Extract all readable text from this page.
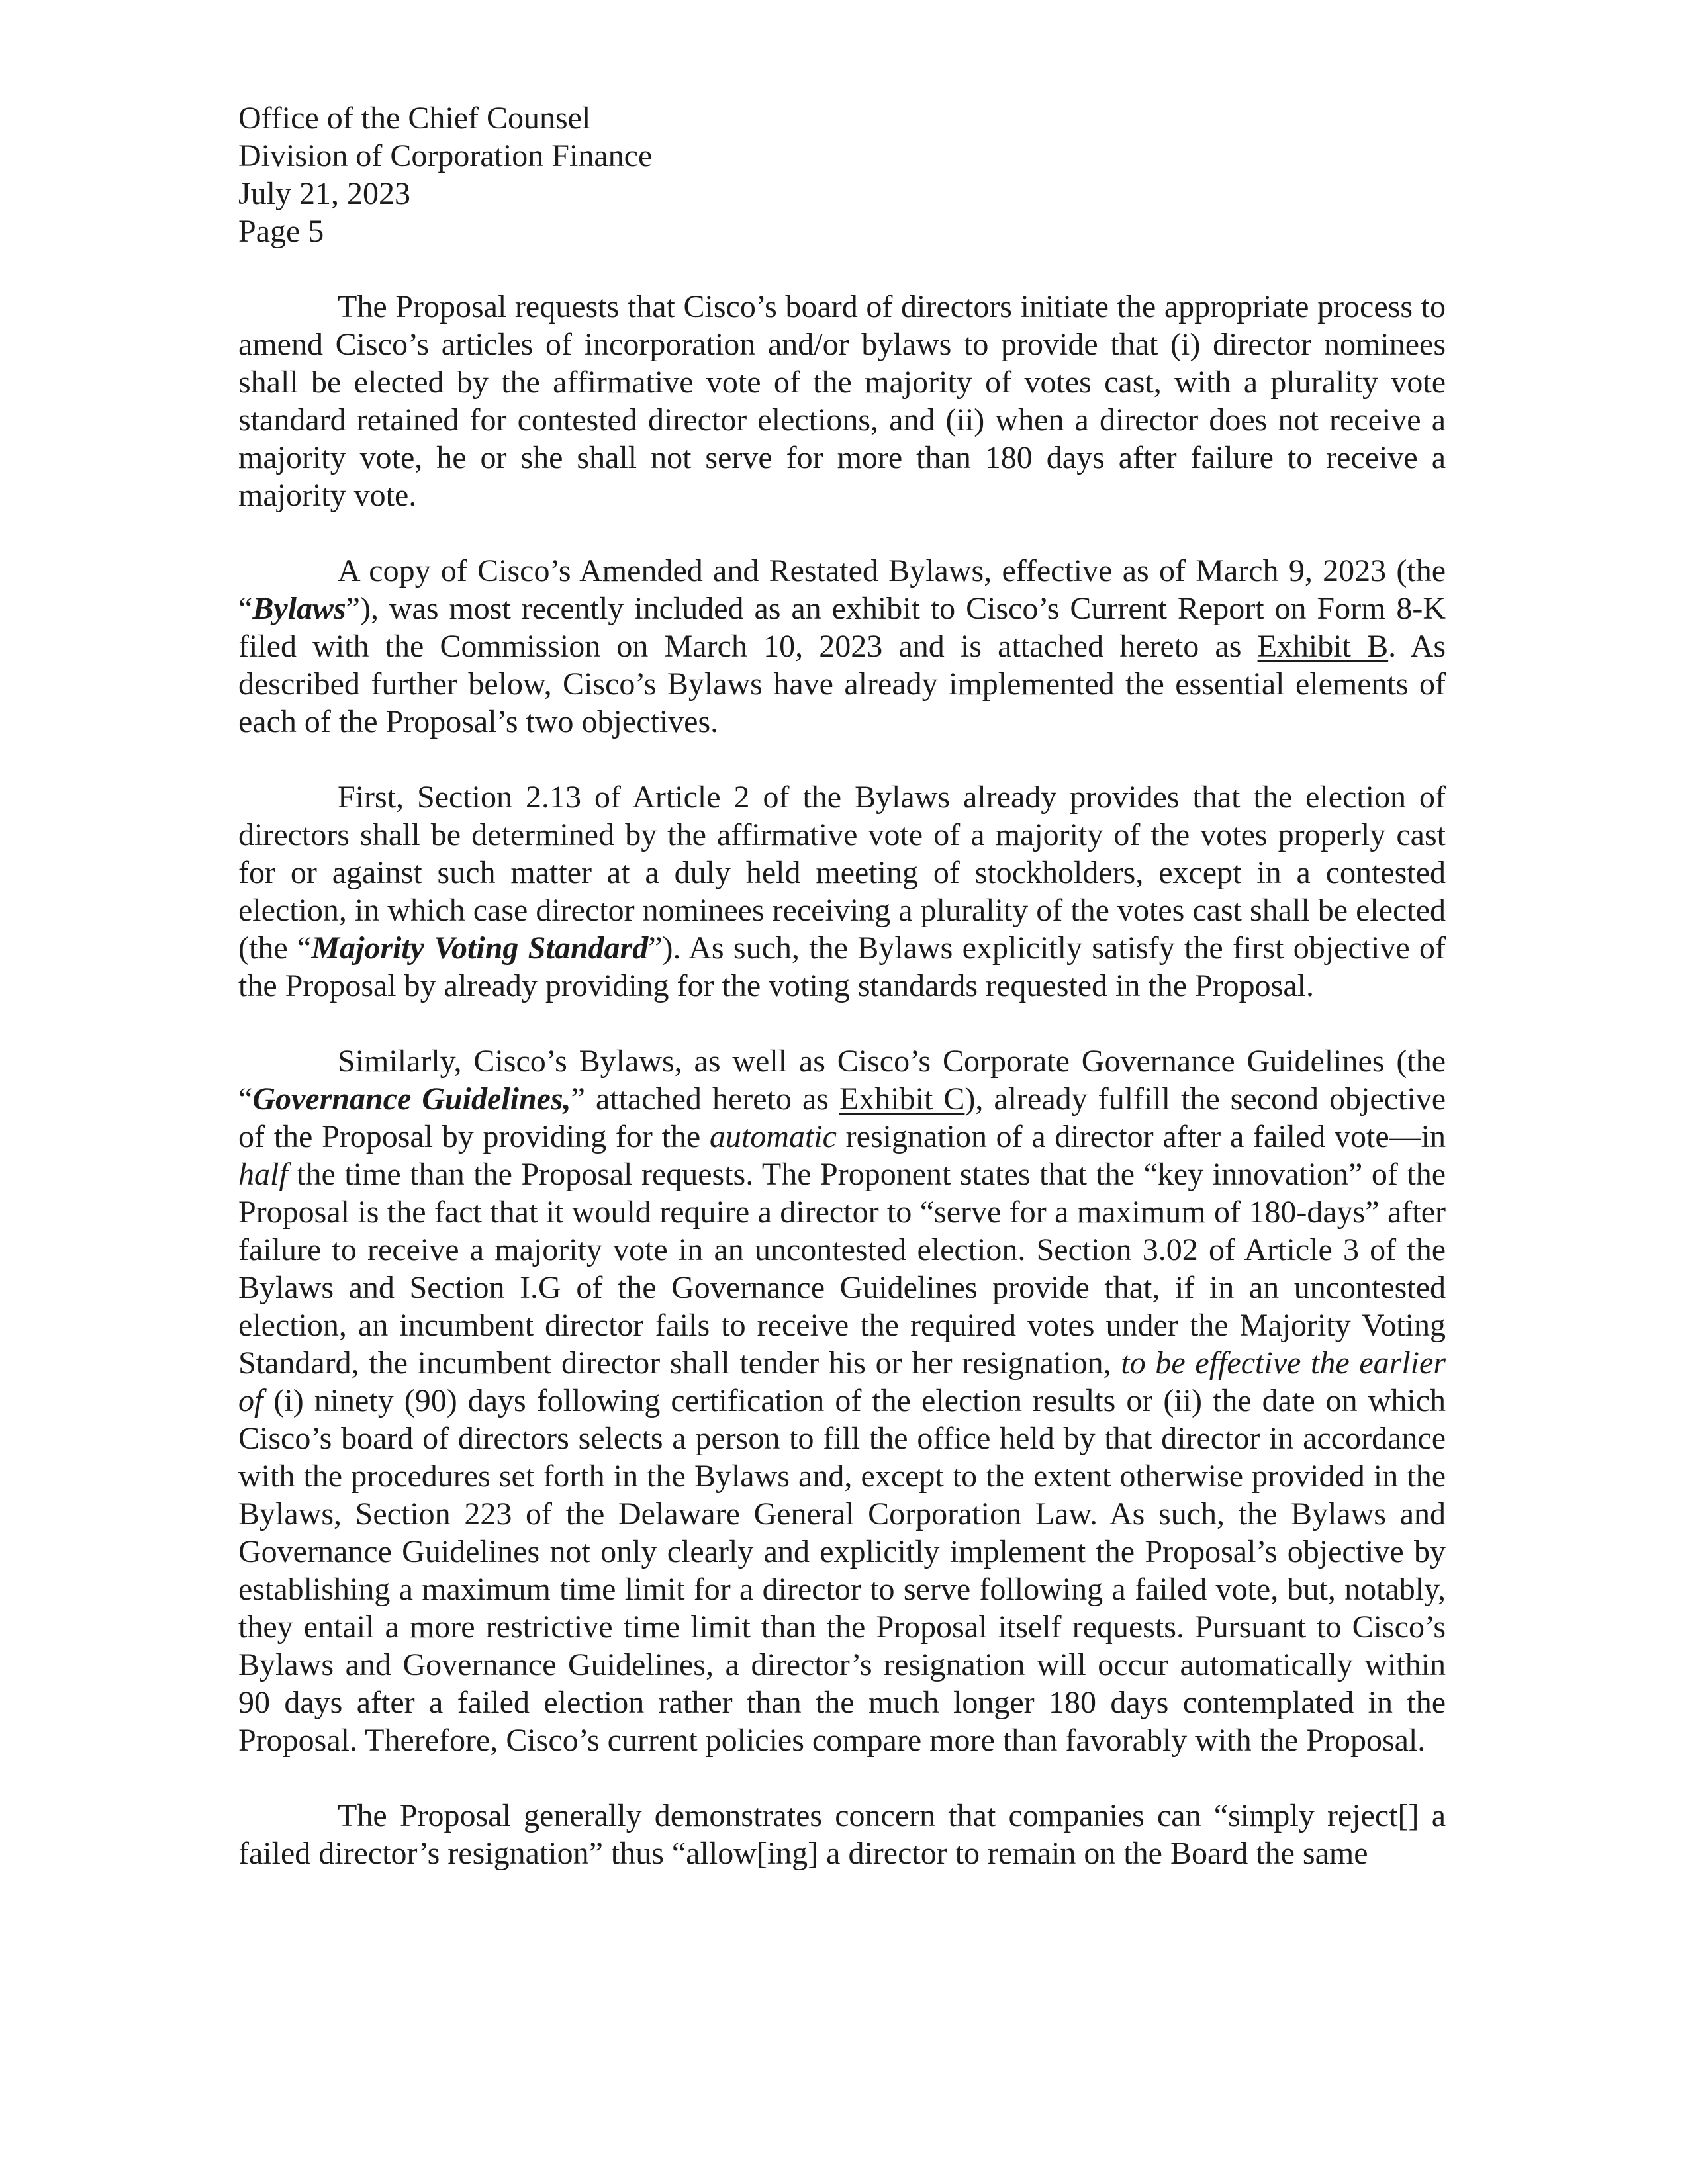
Office of the Chief Counsel
Division of Corporation Finance
July 21, 2023
Page 5

The Proposal requests that Cisco’s board of directors initiate the appropriate process to amend Cisco’s articles of incorporation and/or bylaws to provide that (i) director nominees shall be elected by the affirmative vote of the majority of votes cast, with a plurality vote standard retained for contested director elections, and (ii) when a director does not receive a majority vote, he or she shall not serve for more than 180 days after failure to receive a majority vote.

A copy of Cisco’s Amended and Restated Bylaws, effective as of March 9, 2023 (the “Bylaws”), was most recently included as an exhibit to Cisco’s Current Report on Form 8-K filed with the Commission on March 10, 2023 and is attached hereto as Exhibit B. As described further below, Cisco’s Bylaws have already implemented the essential elements of each of the Proposal’s two objectives.

First, Section 2.13 of Article 2 of the Bylaws already provides that the election of directors shall be determined by the affirmative vote of a majority of the votes properly cast for or against such matter at a duly held meeting of stockholders, except in a contested election, in which case director nominees receiving a plurality of the votes cast shall be elected (the “Majority Voting Standard”). As such, the Bylaws explicitly satisfy the first objective of the Proposal by already providing for the voting standards requested in the Proposal.

Similarly, Cisco’s Bylaws, as well as Cisco’s Corporate Governance Guidelines (the “Governance Guidelines,” attached hereto as Exhibit C), already fulfill the second objective of the Proposal by providing for the automatic resignation of a director after a failed vote—in half the time than the Proposal requests. The Proponent states that the “key innovation” of the Proposal is the fact that it would require a director to “serve for a maximum of 180-days” after failure to receive a majority vote in an uncontested election. Section 3.02 of Article 3 of the Bylaws and Section I.G of the Governance Guidelines provide that, if in an uncontested election, an incumbent director fails to receive the required votes under the Majority Voting Standard, the incumbent director shall tender his or her resignation, to be effective the earlier of (i) ninety (90) days following certification of the election results or (ii) the date on which Cisco’s board of directors selects a person to fill the office held by that director in accordance with the procedures set forth in the Bylaws and, except to the extent otherwise provided in the Bylaws, Section 223 of the Delaware General Corporation Law. As such, the Bylaws and Governance Guidelines not only clearly and explicitly implement the Proposal’s objective by establishing a maximum time limit for a director to serve following a failed vote, but, notably, they entail a more restrictive time limit than the Proposal itself requests. Pursuant to Cisco’s Bylaws and Governance Guidelines, a director’s resignation will occur automatically within 90 days after a failed election rather than the much longer 180 days contemplated in the Proposal. Therefore, Cisco’s current policies compare more than favorably with the Proposal.

The Proposal generally demonstrates concern that companies can “simply reject[] a failed director’s resignation” thus “allow[ing] a director to remain on the Board the same
